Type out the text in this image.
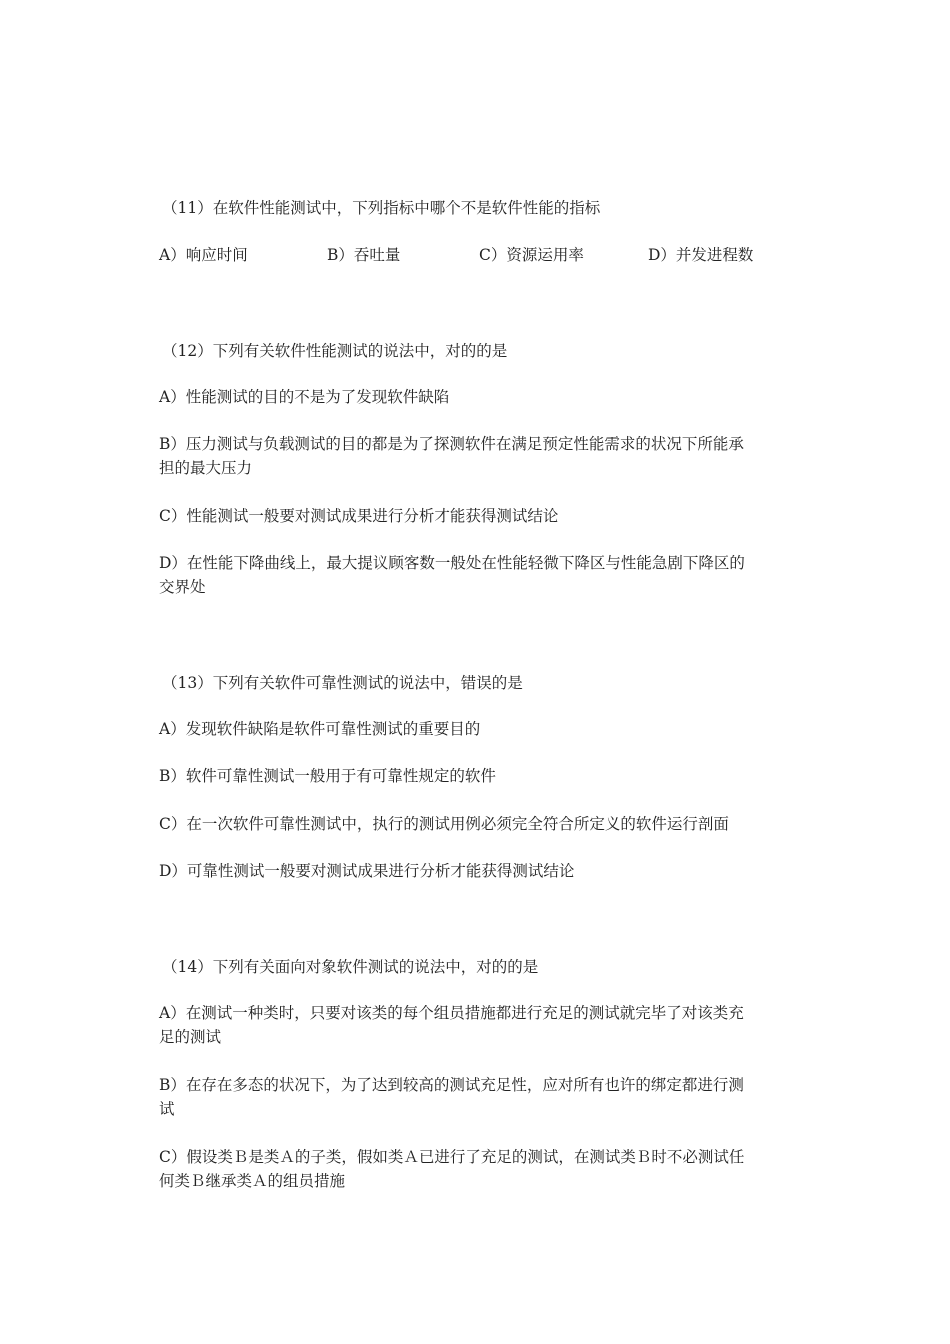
（11）在软件性能测试中，下列指标中哪个不是软件性能的指标

A）响应时间	B）吞吐量	C）资源运用率	D）并发进程数

（12）下列有关软件性能测试的说法中，对的的是

A）性能测试的目的不是为了发现软件缺陷

B）压力测试与负载测试的目的都是为了探测软件在满足预定性能需求的状况下所能承

担的最大压力

C）性能测试一般要对测试成果进行分析才能获得测试结论

D）在性能下降曲线上，最大提议顾客数一般处在性能轻微下降区与性能急剧下降区的

交界处

（13）下列有关软件可靠性测试的说法中，错误的是

A）发现软件缺陷是软件可靠性测试的重要目的

B）软件可靠性测试一般用于有可靠性规定的软件

C）在一次软件可靠性测试中，执行的测试用例必须完全符合所定义的软件运行剖面

D）可靠性测试一般要对测试成果进行分析才能获得测试结论

（14）下列有关面向对象软件测试的说法中，对的的是

A）在测试一种类时，只要对该类的每个组员措施都进行充足的测试就完毕了对该类充

足的测试

B）在存在多态的状况下，为了达到较高的测试充足性，应对所有也许的绑定都进行测

试

C）假设类Ｂ是类Ａ的子类，假如类Ａ已进行了充足的测试，在测试类Ｂ时不必测试任

何类Ｂ继承类Ａ的组员措施
